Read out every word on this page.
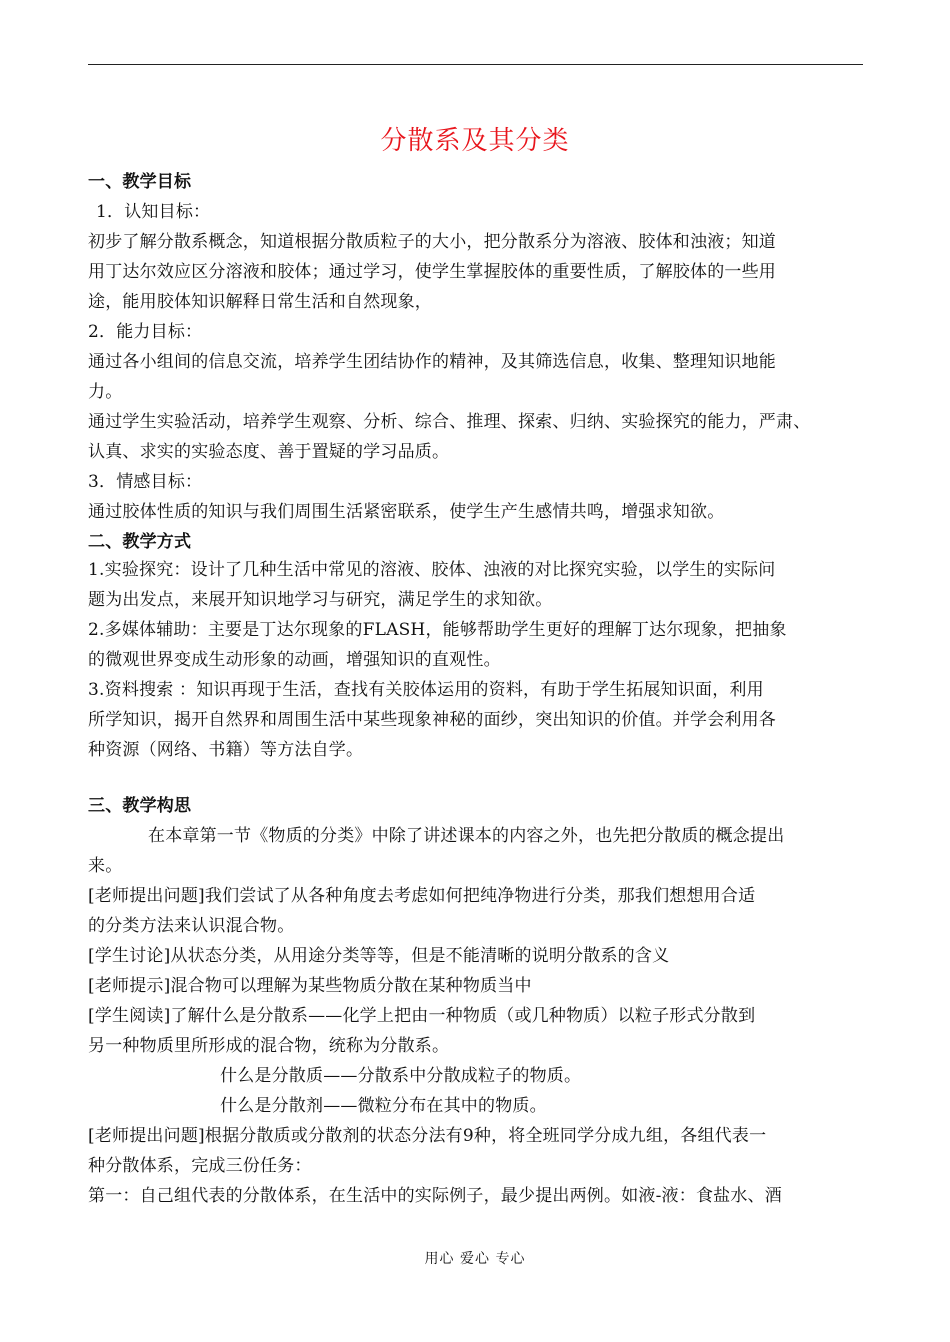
分散系及其分类
一、教学目标
1．认知目标：
初步了解分散系概念，知道根据分散质粒子的大小，把分散系分为溶液、胶体和浊液；知道
用丁达尔效应区分溶液和胶体；通过学习，使学生掌握胶体的重要性质，了解胶体的一些用
途，能用胶体知识解释日常生活和自然现象，
2．能力目标：
通过各小组间的信息交流，培养学生团结协作的精神，及其筛选信息，收集、整理知识地能
力。
通过学生实验活动，培养学生观察、分析、综合、推理、探索、归纳、实验探究的能力，严肃、
认真、求实的实验态度、善于置疑的学习品质。
3．情感目标：
通过胶体性质的知识与我们周围生活紧密联系，使学生产生感情共鸣，增强求知欲。
二、教学方式
1.实验探究：设计了几种生活中常见的溶液、胶体、浊液的对比探究实验，以学生的实际问
题为出发点，来展开知识地学习与研究，满足学生的求知欲。
2.多媒体辅助：主要是丁达尔现象的FLASH，能够帮助学生更好的理解丁达尔现象，把抽象
的微观世界变成生动形象的动画，增强知识的直观性。
3.资料搜索 ：知识再现于生活，查找有关胶体运用的资料，有助于学生拓展知识面，利用
所学知识，揭开自然界和周围生活中某些现象神秘的面纱，突出知识的价值。并学会利用各
种资源（网络、书籍）等方法自学。
三、教学构思
在本章第一节《物质的分类》中除了讲述课本的内容之外，也先把分散质的概念提出
来。
[老师提出问题]我们尝试了从各种角度去考虑如何把纯净物进行分类，那我们想想用合适
的分类方法来认识混合物。
[学生讨论]从状态分类，从用途分类等等，但是不能清晰的说明分散系的含义
[老师提示]混合物可以理解为某些物质分散在某种物质当中
[学生阅读]了解什么是分散系——化学上把由一种物质（或几种物质）以粒子形式分散到
另一种物质里所形成的混合物，统称为分散系。
什么是分散质——分散系中分散成粒子的物质。
什么是分散剂——微粒分布在其中的物质。
[老师提出问题]根据分散质或分散剂的状态分法有9种，将全班同学分成九组，各组代表一
种分散体系，完成三份任务：
第一：自己组代表的分散体系，在生活中的实际例子，最少提出两例。如液-液：食盐水、酒
用心 爱心 专心
